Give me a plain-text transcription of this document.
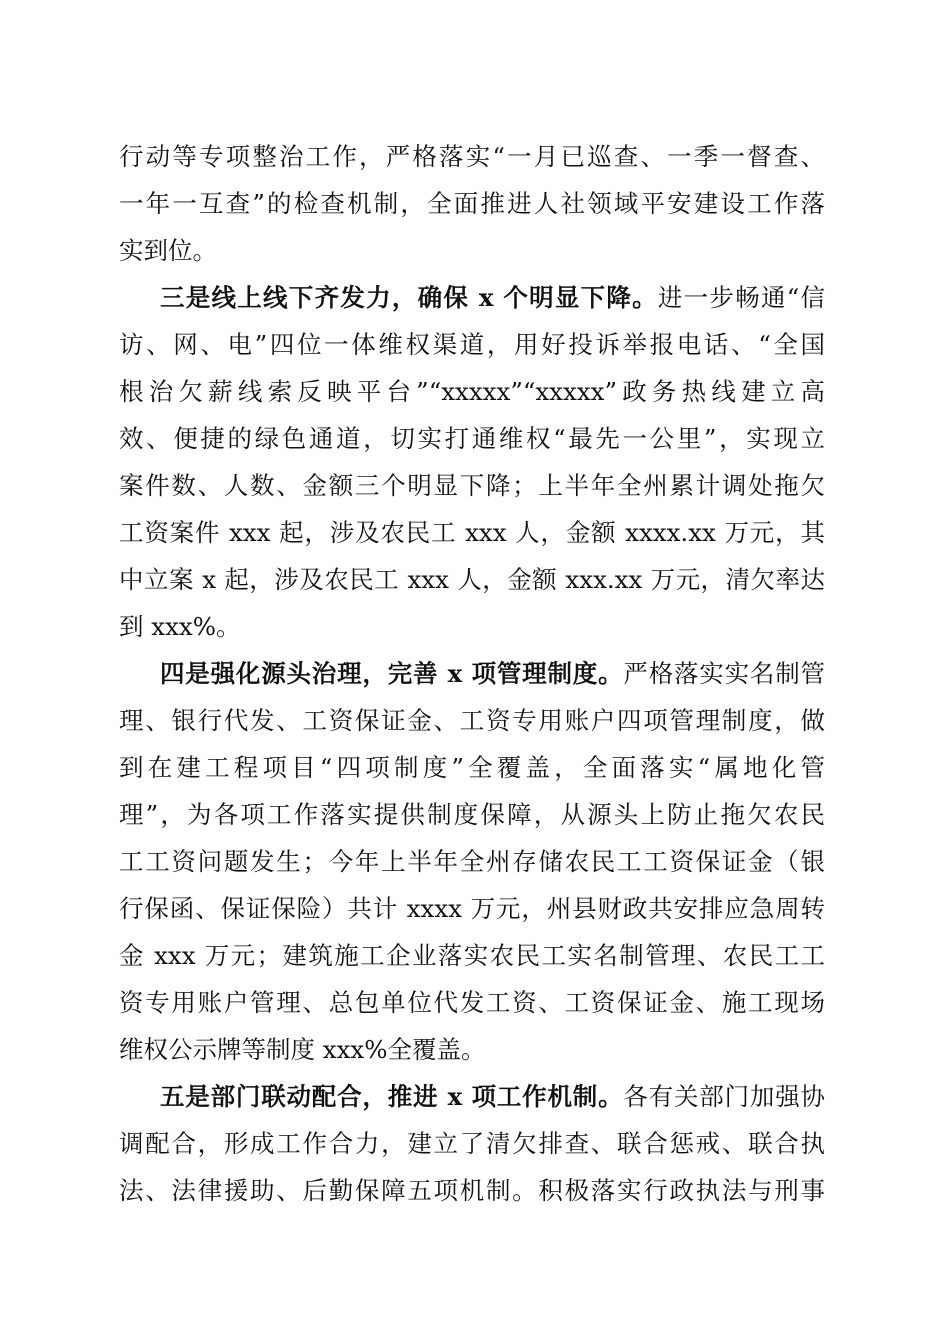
行动等专项整治工作，严格落实“一月已巡查、一季一督查、
一年一互查”的检查机制，全面推进人社领域平安建设工作落
实到位。
三是线上线下齐发力，确保 x 个明显下降。进一步畅通“信
访、网、电”四位一体维权渠道，用好投诉举报电话、“全国
根治欠薪线索反映平台”“xxxxx”“xxxxx”政务热线建立高
效、便捷的绿色通道，切实打通维权“最先一公里”，实现立
案件数、人数、金额三个明显下降；上半年全州累计调处拖欠
工资案件 xxx 起，涉及农民工 xxx 人，金额 xxxx.xx 万元，其
中立案 x 起，涉及农民工 xxx 人，金额 xxx.xx 万元，清欠率达
到 xxx%。
四是强化源头治理，完善 x 项管理制度。严格落实实名制管
理、银行代发、工资保证金、工资专用账户四项管理制度，做
到在建工程项目“四项制度”全覆盖，全面落实“属地化管
理”，为各项工作落实提供制度保障，从源头上防止拖欠农民
工工资问题发生；今年上半年全州存储农民工工资保证金（银
行保函、保证保险）共计 xxxx 万元，州县财政共安排应急周转
金 xxx 万元；建筑施工企业落实农民工实名制管理、农民工工
资专用账户管理、总包单位代发工资、工资保证金、施工现场
维权公示牌等制度 xxx%全覆盖。
五是部门联动配合，推进 x 项工作机制。各有关部门加强协
调配合，形成工作合力，建立了清欠排查、联合惩戒、联合执
法、法律援助、后勤保障五项机制。积极落实行政执法与刑事
